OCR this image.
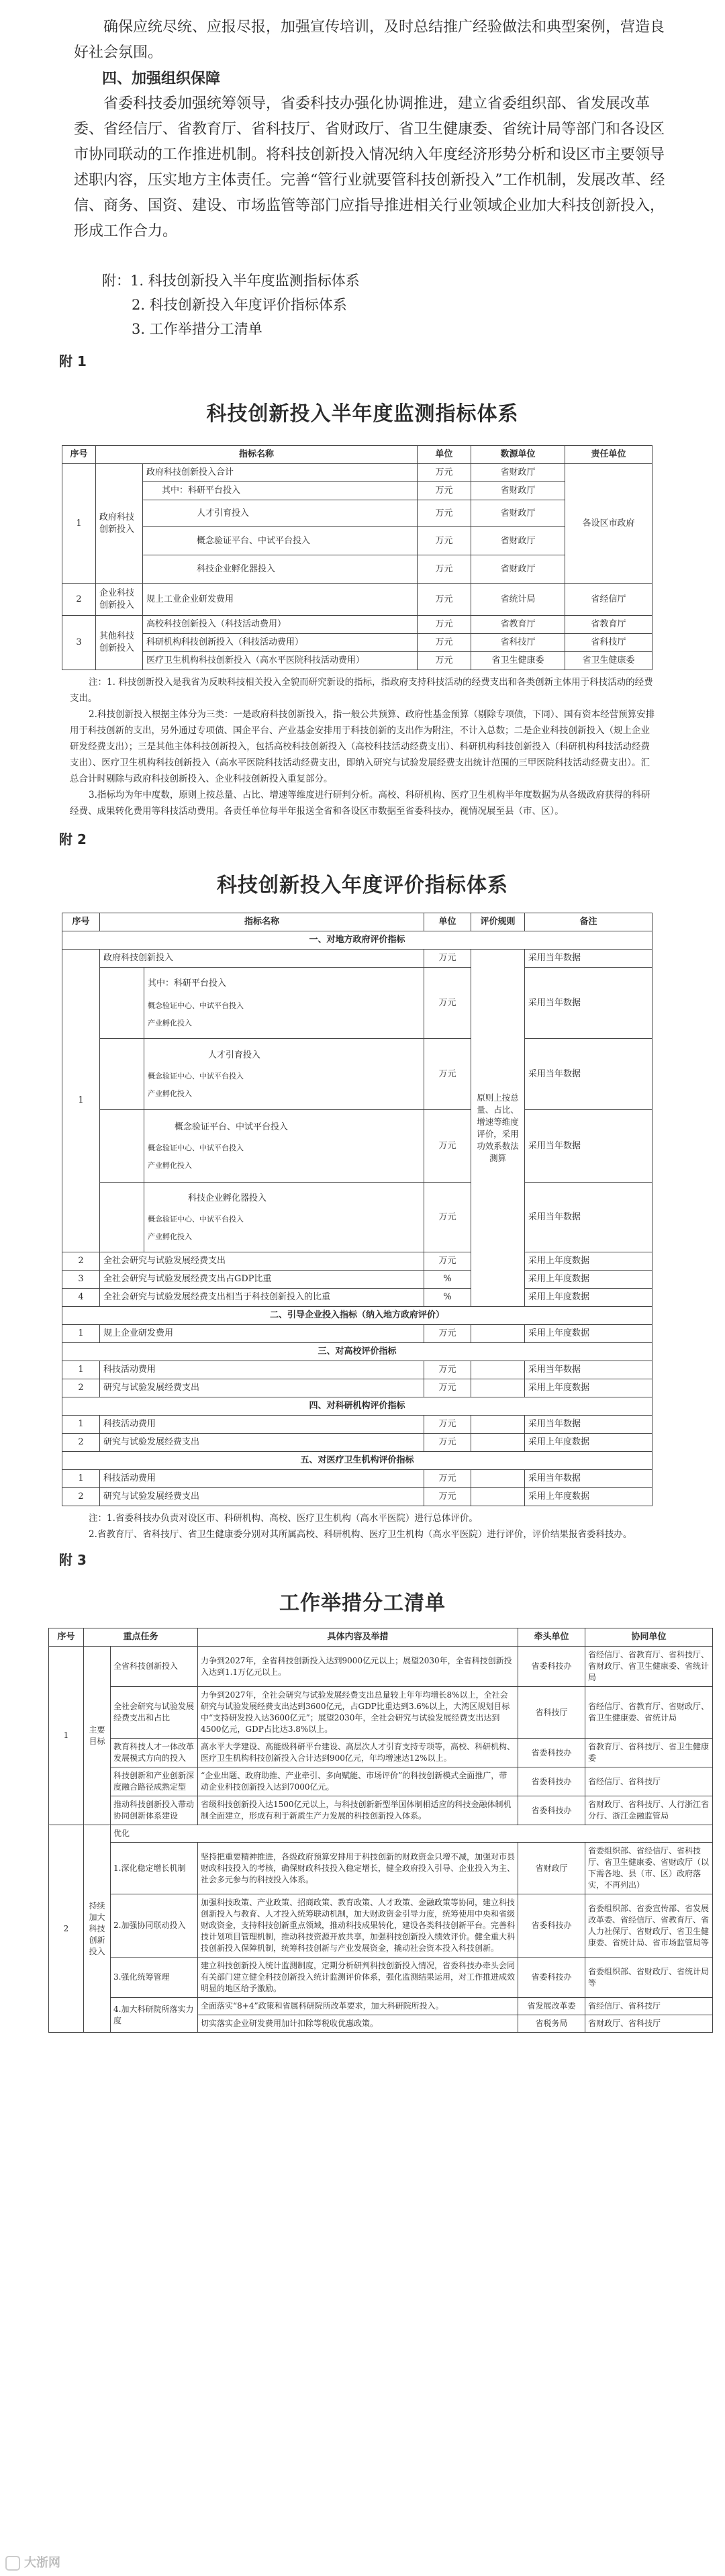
确保应统尽统、应报尽报，加强宣传培训，及时总结推广经验做法和典型案例，营造良好社会氛围。

四、加强组织保障

省委科技委加强统筹领导，省委科技办强化协调推进，建立省委组织部、省发展改革委、省经信厅、省教育厅、省科技厅、省财政厅、省卫生健康委、省统计局等部门和各设区市协同联动的工作推进机制。将科技创新投入情况纳入年度经济形势分析和设区市主要领导述职内容，压实地方主体责任。完善“管行业就要管科技创新投入”工作机制，发展改革、经信、商务、国资、建设、市场监管等部门应指导推进相关行业领域企业加大科技创新投入，形成工作合力。

附：1. 科技创新投入半年度监测指标体系

2. 科技创新投入年度评价指标体系

3. 工作举措分工清单

附 1

科技创新投入半年度监测指标体系
序号	指标名称		单位	数源单位	责任单位
1	政府科技创新投入	政府科技创新投入合计	万元	省财政厅	各设区市政府
		其中：科研平台投入	万元	省财政厅	
		人才引育投入	万元	省财政厅	
		概念验证平台、中试平台投入	万元	省财政厅	
		科技企业孵化器投入	万元	省财政厅	
2	企业科技创新投入	规上工业企业研发费用	万元	省统计局	省经信厅
3	其他科技创新投入	高校科技创新投入（科技活动费用）	万元	省教育厅	省教育厅
		科研机构科技创新投入（科技活动费用）	万元	省科技厅	省科技厅
		医疗卫生机构科技创新投入（高水平医院科技活动费用）	万元	省卫生健康委	省卫生健康委

注：1. 科技创新投入是我省为反映科技相关投入全貌而研究新设的指标，指政府支持科技活动的经费支出和各类创新主体用于科技活动的经费支出。

2.科技创新投入根据主体分为三类：一是政府科技创新投入，指一般公共预算、政府性基金预算（剔除专项债，下同）、国有资本经营预算安排用于科技创新的支出，另外通过专项债、国企平台、产业基金安排用于科技创新的支出作为附注，不计入总数；二是企业科技创新投入（规上企业研发经费支出）；三是其他主体科技创新投入，包括高校科技创新投入（高校科技活动经费支出）、科研机构科技创新投入（科研机构科技活动经费支出）、医疗卫生机构科技创新投入（高水平医院科技活动经费支出，即纳入研究与试验发展经费支出统计范围的三甲医院科技活动经费支出）。汇总合计时剔除与政府科技创新投入、企业科技创新投入重复部分。

3.指标均为年中度数，原则上按总量、占比、增速等维度进行研判分析。高校、科研机构、医疗卫生机构半年度数据为从各级政府获得的科研经费、成果转化费用等科技活动费用。各责任单位每半年报送全省和各设区市数据至省委科技办，视情况展至县（市、区）。

附 2

科技创新投入年度评价指标体系
序号	指标名称		单位	评价规则	备注
一、对地方政府评价指标					
1	政府科技创新投入		万元	原则上按总量、占比、增速等维度评价，采用功效系数法测算	采用当年数据

		其中：科研平台投入
概念验证中心、中试平台投入
产业孵化投入	万元		采用当年数据

		人才引育投入
概念验证中心、中试平台投入
产业孵化投入	万元		采用当年数据

		概念验证平台、中试平台投入
概念验证中心、中试平台投入
产业孵化投入	万元		采用当年数据

		科技企业孵化器投入
概念验证中心、中试平台投入
产业孵化投入	万元		采用当年数据
2	全社会研究与试验发展经费支出		万元		采用上年度数据
3	全社会研究与试验发展经费支出占GDP比重		%		采用上年度数据
4	全社会研究与试验发展经费支出相当于科技创新投入的比重		%		采用上年度数据
二、引导企业投入指标（纳入地方政府评价）					
1	规上企业研发费用		万元		采用上年度数据
三、对高校评价指标					
1	科技活动费用		万元		采用当年数据
2	研究与试验发展经费支出		万元		采用上年度数据
四、对科研机构评价指标					
1	科技活动费用		万元		采用当年数据
2	研究与试验发展经费支出		万元		采用上年度数据
五、对医疗卫生机构评价指标					
1	科技活动费用		万元		采用当年数据
2	研究与试验发展经费支出		万元		采用上年度数据

注：1.省委科技办负责对设区市、科研机构、高校、医疗卫生机构（高水平医院）进行总体评价。

2.省教育厅、省科技厅、省卫生健康委分别对其所属高校、科研机构、医疗卫生机构（高水平医院）进行评价，评价结果报省委科技办。

附 3

工作举措分工清单
序号	重点任务		具体内容及举措	牵头单位	协同单位
1	主要目标	全省科技创新投入	力争到2027年，全省科技创新投入达到9000亿元以上；展望2030年，全省科技创新投入达到1.1万亿元以上。	省委科技办	省经信厅、省教育厅、省科技厅、省财政厅、省卫生健康委、省统计局
		全社会研究与试验发展经费支出和占比	力争到2027年，全社会研究与试验发展经费支出总量较上年年均增长8%以上，全社会研究与试验发展经费支出达到3600亿元，占GDP比重达到3.6%以上，大湾区规划目标中“支持研发投入达3600亿元”；展望2030年，全社会研究与试验发展经费支出达到4500亿元，GDP占比达3.8%以上。	省科技厅	省经信厅、省教育厅、省财政厅、省卫生健康委、省统计局
		教育科技人才一体改革发展模式方向的投入	高水平大学建设、高能级科研平台建设、高层次人才引育支持专项等，高校、科研机构、医疗卫生机构科技创新投入合计达到900亿元，年均增速达12%以上。	省委科技办	省教育厅、省科技厅、省卫生健康委
		科技创新和产业创新深度融合路径成熟定型	“企业出题、政府助推、产业牵引、多向赋能、市场评价”的科技创新模式全面推广，带动企业科技创新投入达到7000亿元。	省委科技办	省经信厅、省科技厅
		推动科技创新投入带动协同创新体系建设	省级科技创新投入达1500亿元以上，与科技创新新型举国体制相适应的科技金融体制机制全面建立，形成有利于新质生产力发展的科技创新投入体系。	省委科技办	省财政厅、省科技厅、人行浙江省分行、浙江金融监管局
2	持续加大科技创新投入	优化			
		1.深化稳定增长机制	坚持把重要精神推进，各级政府预算安排用于科技创新的财政资金只增不减，加强对市县财政科技投入的考核，确保财政科技投入稳定增长，健全政府投入引导、企业投入为主、社会多元参与的科技投入体系。	省财政厅	省委组织部、省经信厅、省科技厅、省卫生健康委、省财政厅（以下需各地、县（市、区）政府落实，不再列出）
		2.加强协同联动投入	加强科技政策、产业政策、招商政策、教育政策、人才政策、金融政策等协同，建立科技创新投入与教育、人才投入统筹联动机制，加大财政资金引导力度，统筹使用中央和省级财政资金，支持科技创新重点领域，推动科技成果转化，建设各类科技创新平台。完善科技计划项目管理机制，推动科技资源开放共享，加强科技创新投入绩效评价。健全重大科技创新投入保障机制，统筹科技创新与产业发展资金，撬动社会资本投入科技创新。	省委科技办	省委组织部、省委宣传部、省发展改革委、省经信厅、省教育厅、省人力社保厅、省财政厅、省卫生健康委、省统计局、省市场监管局等
		3.强化统筹管理	建立科技创新投入统计监测制度，定期分析研判科技创新投入情况，省委科技办牵头会同有关部门建立健全科技创新投入统计监测评价体系，强化监测结果运用，对工作推进成效明显的地区给予激励。	省委科技办	省委组织部、省财政厅、省统计局等
		4.加大科研院所落实力度	全面落实“8+4”政策和省属科研院所改革要求，加大科研院所投入。	省发展改革委	省经信厅、省科技厅
			切实落实企业研发费用加计扣除等税收优惠政策。	省税务局	省财政厅、省科技厅
大浙网
